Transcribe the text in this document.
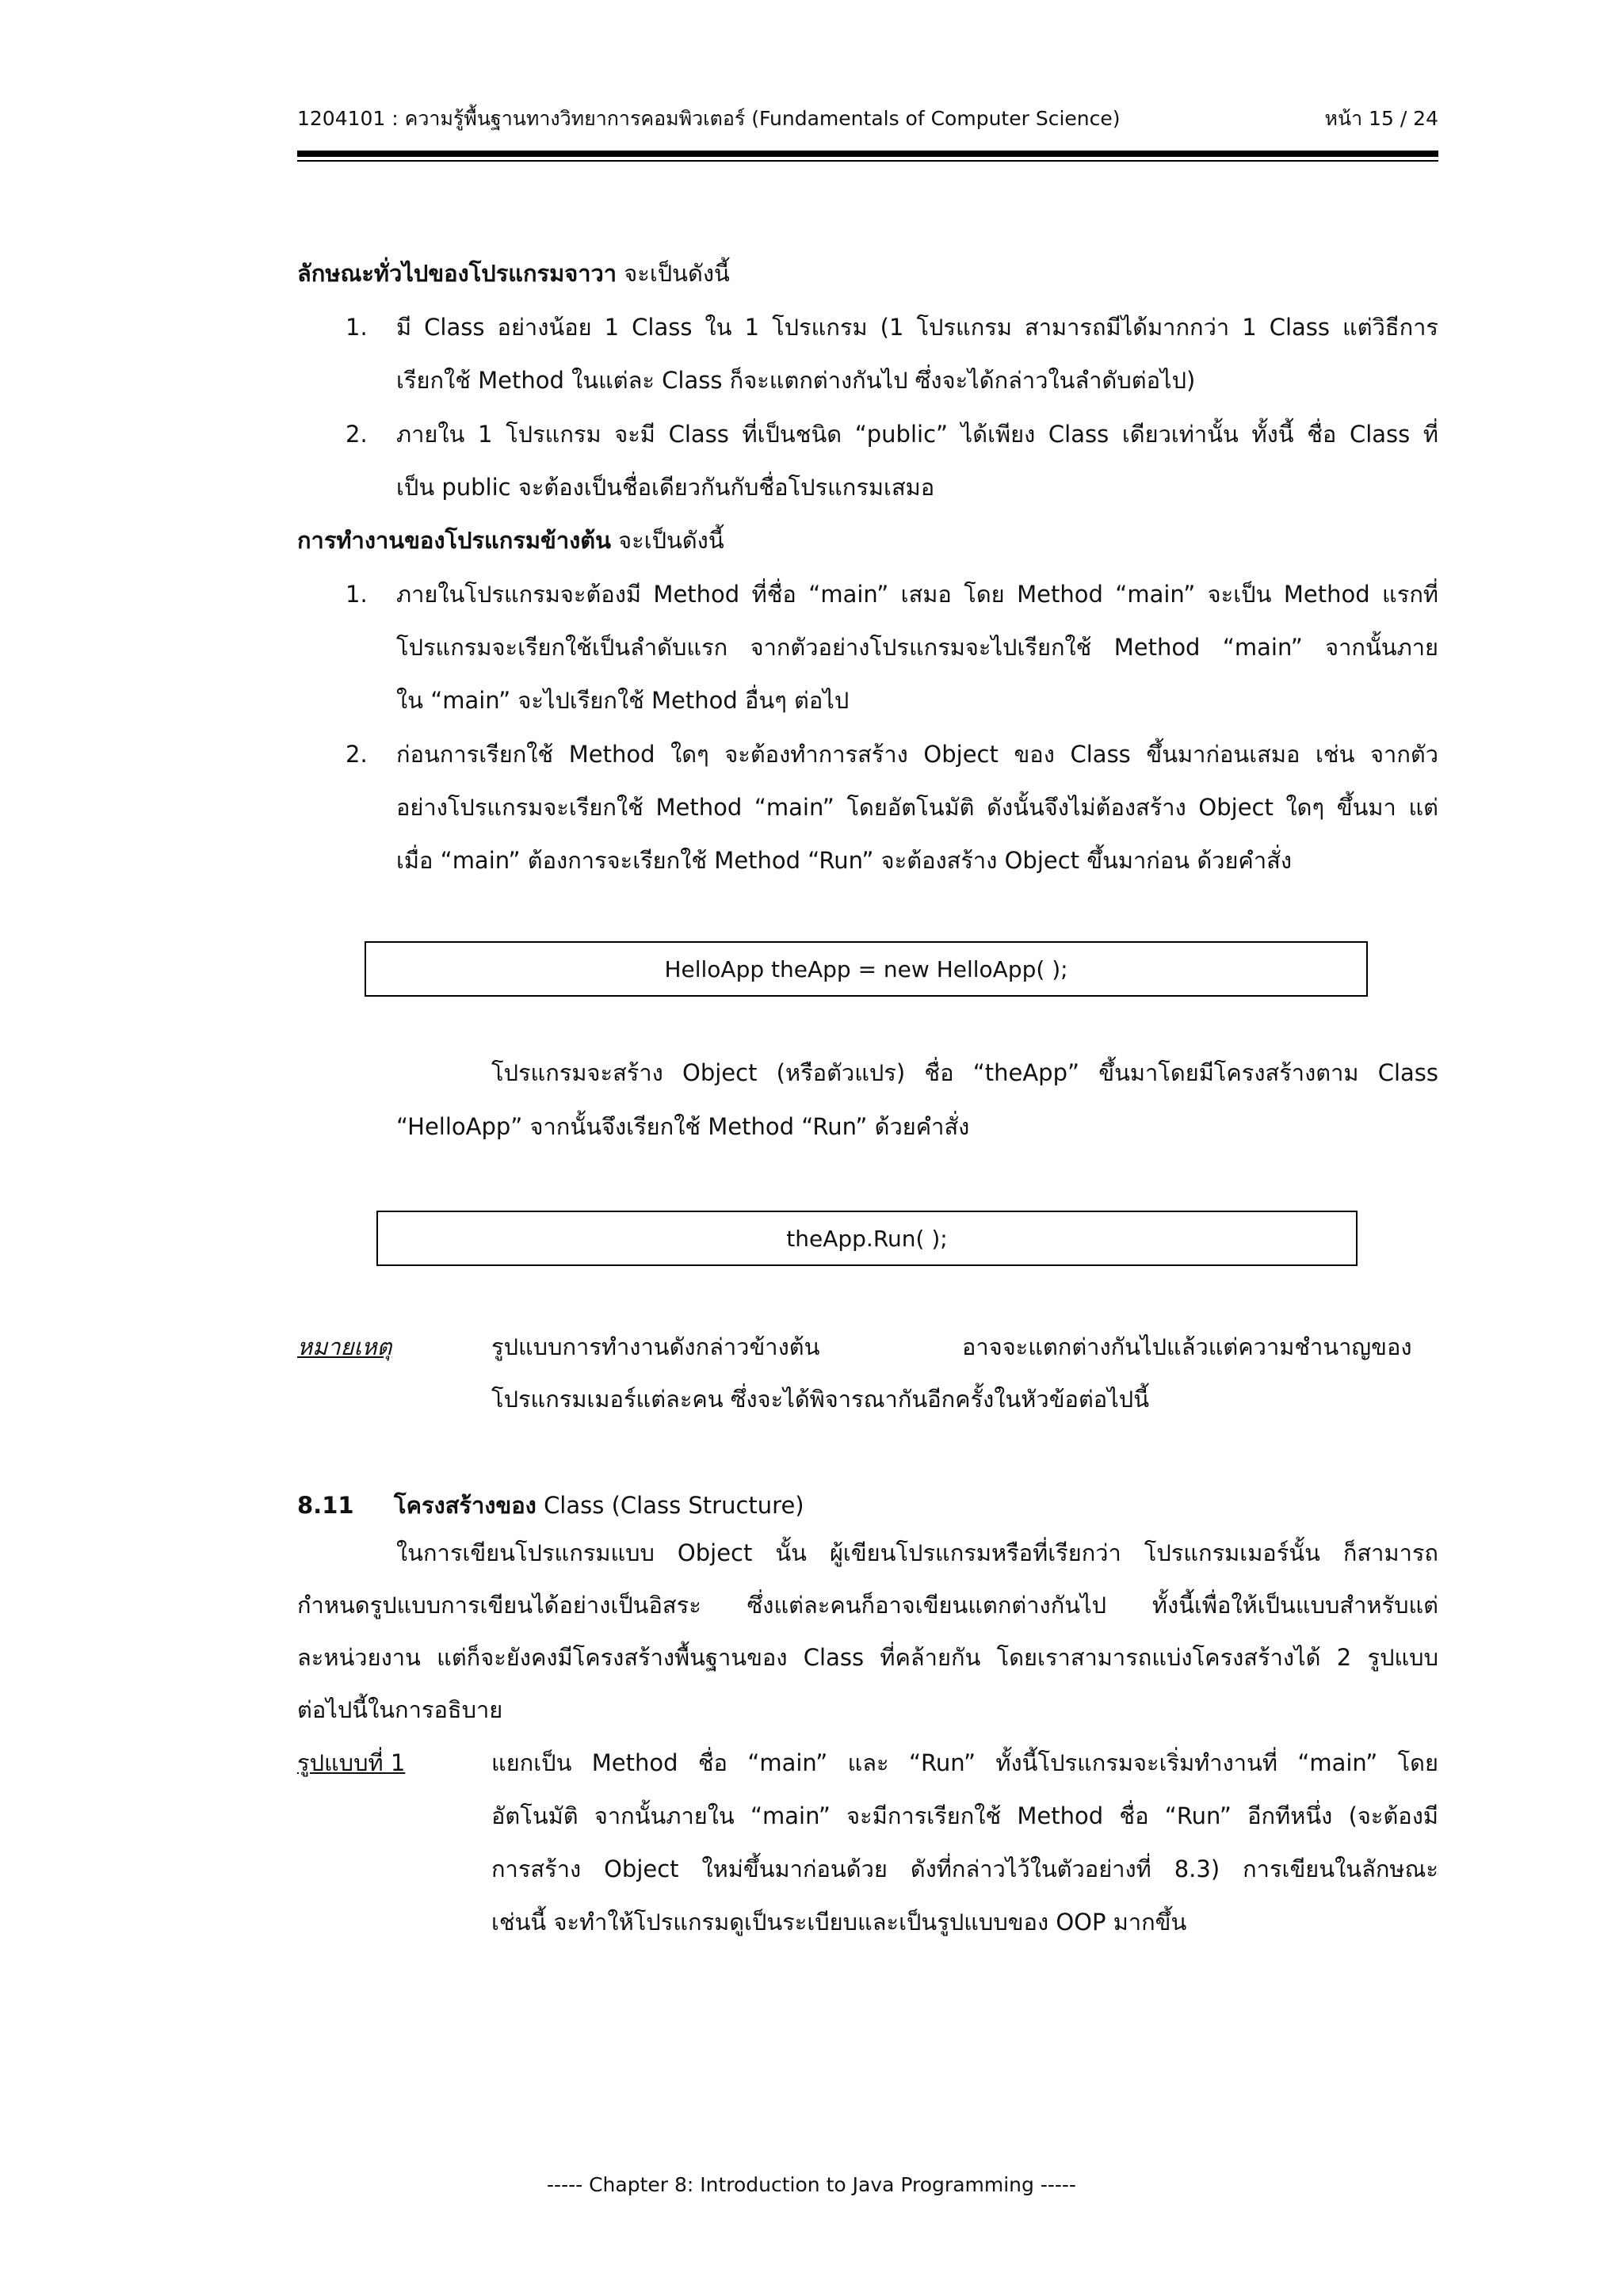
1204101 : ความรู้พื้นฐานทางวิทยาการคอมพิวเตอร์ (Fundamentals of Computer Science)	หน้า 15 / 24
ลักษณะทั่วไปของโปรแกรมจาวา จะเป็นดังนี้
1. มี Class อย่างน้อย 1 Class ใน 1 โปรแกรม (1 โปรแกรม สามารถมีได้มากกว่า 1 Class แต่วิธีการ
เรียกใช้ Method ในแต่ละ Class ก็จะแตกต่างกันไป ซึ่งจะได้กล่าวในลำดับต่อไป)
2. ภายใน 1 โปรแกรม จะมี Class ที่เป็นชนิด “public” ได้เพียง Class เดียวเท่านั้น ทั้งนี้ ชื่อ Class ที่
เป็น public จะต้องเป็นชื่อเดียวกันกับชื่อโปรแกรมเสมอ
การทำงานของโปรแกรมข้างต้น จะเป็นดังนี้
1. ภายในโปรแกรมจะต้องมี Method ที่ชื่อ “main” เสมอ โดย Method “main” จะเป็น Method แรกที่
โปรแกรมจะเรียกใช้เป็นลำดับแรก จากตัวอย่างโปรแกรมจะไปเรียกใช้ Method “main” จากนั้นภาย
ใน “main” จะไปเรียกใช้ Method อื่นๆ ต่อไป
2. ก่อนการเรียกใช้ Method ใดๆ จะต้องทำการสร้าง Object ของ Class ขึ้นมาก่อนเสมอ เช่น จากตัว
อย่างโปรแกรมจะเรียกใช้ Method “main” โดยอัตโนมัติ ดังนั้นจึงไม่ต้องสร้าง Object ใดๆ ขึ้นมา แต่
เมื่อ “main” ต้องการจะเรียกใช้ Method “Run” จะต้องสร้าง Object ขึ้นมาก่อน ด้วยคำสั่ง
HelloApp theApp = new HelloApp( );
โปรแกรมจะสร้าง Object (หรือตัวแปร) ชื่อ “theApp” ขึ้นมาโดยมีโครงสร้างตาม Class
“HelloApp” จากนั้นจึงเรียกใช้ Method “Run” ด้วยคำสั่ง
theApp.Run( );
หมายเหตุ	รูปแบบการทำงานดังกล่าวข้างต้น	อาจจะแตกต่างกันไปแล้วแต่ความชำนาญของ
โปรแกรมเมอร์แต่ละคน ซึ่งจะได้พิจารณากันอีกครั้งในหัวข้อต่อไปนี้
8.11 โครงสร้างของ Class (Class Structure)
ในการเขียนโปรแกรมแบบ Object นั้น ผู้เขียนโปรแกรมหรือที่เรียกว่า โปรแกรมเมอร์นั้น ก็สามารถ
กำหนดรูปแบบการเขียนได้อย่างเป็นอิสระ ซึ่งแต่ละคนก็อาจเขียนแตกต่างกันไป ทั้งนี้เพื่อให้เป็นแบบสำหรับแต่
ละหน่วยงาน แต่ก็จะยังคงมีโครงสร้างพื้นฐานของ Class ที่คล้ายกัน โดยเราสามารถแบ่งโครงสร้างได้ 2 รูปแบบ
ต่อไปนี้ในการอธิบาย
รูปแบบที่ 1	แยกเป็น Method ชื่อ “main” และ “Run” ทั้งนี้โปรแกรมจะเริ่มทำงานที่ “main” โดย
อัตโนมัติ จากนั้นภายใน “main” จะมีการเรียกใช้ Method ชื่อ “Run” อีกทีหนึ่ง (จะต้องมี
การสร้าง Object ใหม่ขึ้นมาก่อนด้วย ดังที่กล่าวไว้ในตัวอย่างที่ 8.3) การเขียนในลักษณะ
เช่นนี้ จะทำให้โปรแกรมดูเป็นระเบียบและเป็นรูปแบบของ OOP มากขึ้น
----- Chapter 8: Introduction to Java Programming -----
